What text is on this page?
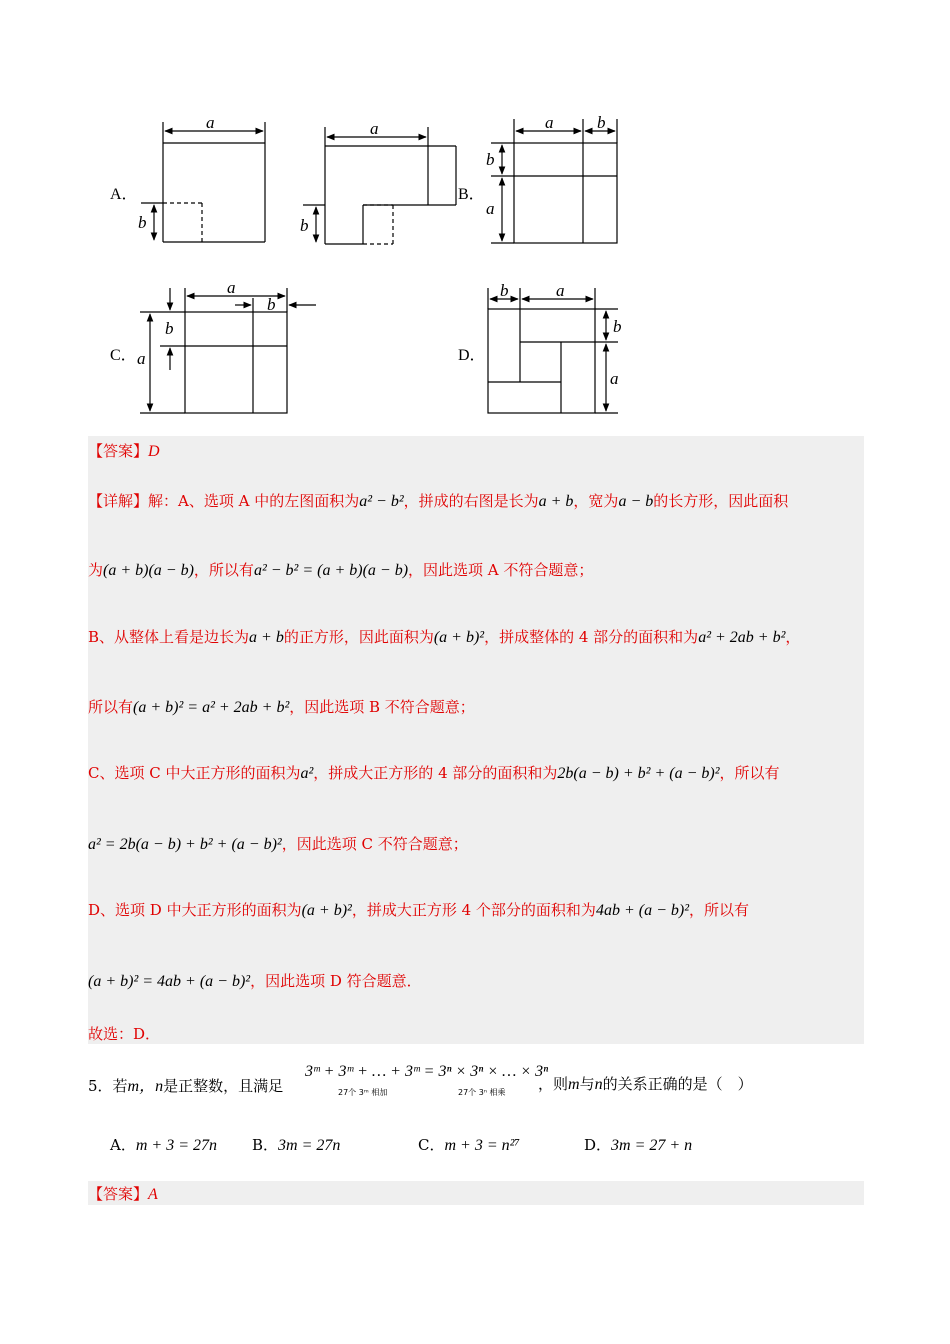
a
b
a
b
a	b
b
a
a
b
b
a
b	a
b
a
A．	B．
C．	D．
【答案】D
【详解】解：A、选项 A 中的左图面积为a² − b²，拼成的右图是长为a + b，宽为a − b的长方形，因此面积
为(a + b)(a − b)，所以有a² − b² = (a + b)(a − b)，因此选项 A 不符合题意；
B、从整体上看是边长为a + b的正方形，因此面积为(a + b)²，拼成整体的 4 部分的面积和为a² + 2ab + b²，
所以有(a + b)² = a² + 2ab + b²，因此选项 B 不符合题意；
C、选项 C 中大正方形的面积为a²，拼成大正方形的 4 部分的面积和为2b(a − b) + b² + (a − b)²，所以有
a² = 2b(a − b) + b² + (a − b)²，因此选项 C 不符合题意；
D、选项 D 中大正方形的面积为(a + b)²，拼成大正方形 4 个部分的面积和为4ab + (a − b)²，所以有
(a + b)² = 4ab + (a − b)²，因此选项 D 符合题意．
故选：D．
5．若m，n是正整数，且满足
3ᵐ + 3ᵐ + … + 3ᵐ = 3ⁿ × 3ⁿ × … × 3ⁿ
27个 3ᵐ 相加	27个 3ⁿ 相乘 ，则m与n的关系正确的是（　）
A．m + 3 = 27n B．3m = 27n	C．m + 3 = n²⁷	D．3m = 27 + n
【答案】A
